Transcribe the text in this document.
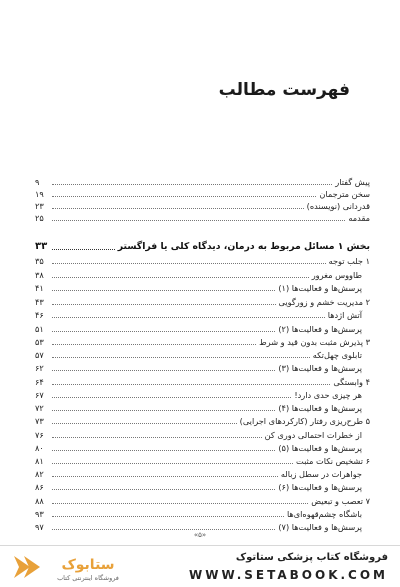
فهرست مطالب
پیش گفتار
۹
سخن مترجمان
۱۹
قدردانی (نویسنده)
۲۳
مقدمه
۲۵
بخش ۱ مسائل مربوط به درمان، دیدگاه کلی یا فراگستر
۳۳
۱ جلب توجه
۳۵
طاووس مغرور
۳۸
پرسش‌ها و فعالیت‌ها (۱)
۴۱
۲ مدیریت خشم و زورگویی
۴۳
آتش اژدها
۴۶
پرسش‌ها و فعالیت‌ها (۲)
۵۱
۳ پذیرش مثبت بدون قید و شرط
۵۳
تابلوی چهل‌تکه
۵۷
پرسش‌ها و فعالیت‌ها (۳)
۶۲
۴ وابستگی
۶۴
هر چیزی حدی دارد!
۶۷
پرسش‌ها و فعالیت‌ها (۴)
۷۲
۵ طرح‌ریزی رفتار (کارکردهای اجرایی)
۷۳
از خطرات احتمالی دوری کن
۷۶
پرسش‌ها و فعالیت‌ها (۵)
۸۰
۶ تشخیص نکات مثبت
۸۱
جواهرات در سطل زباله
۸۲
پرسش‌ها و فعالیت‌ها (۶)
۸۶
۷ تعصب و تبعیض
۸۸
باشگاه چشم‌قهوه‌ای‌ها
۹۳
پرسش‌ها و فعالیت‌ها (۷)
۹۷
«۵»
ستابوک
فروشگاه اینترنتی کتاب
فروشگاه کتاب پزشکی ستاتوک
WWW.SETABOOK.COM
